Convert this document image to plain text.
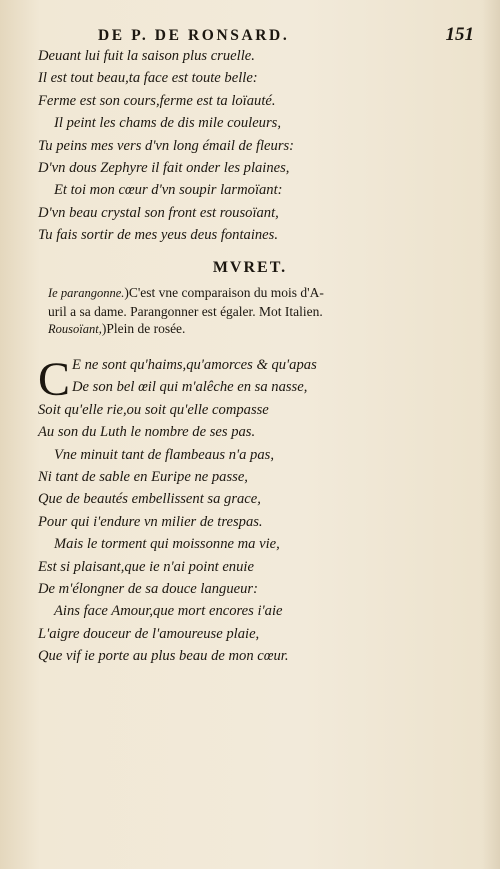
DE P. DE RONSARD.	151
Deuant lui fuit la saison plus cruelle.
Il est tout beau,ta face est toute belle:
Ferme est son cours,ferme est ta loïauté.
Il peint les chams de dis mile couleurs,
Tu peins mes vers d'vn long émail de fleurs:
D'vn dous Zephyre il fait onder les plaines,
Et toi mon cœur d'vn soupir larmoïant:
D'vn beau crystal son front est rousoïant,
Tu fais sortir de mes yeus deus fontaines.
MVRET.
Ie parangonne.)C'est vne comparaison du mois d'A-
uril a sa dame. Parangonner est égaler. Mot Italien.
Rousoïant,)Plein de rosée.
C E ne sont qu'haims,qu'amorces & qu'apas
De son bel œil qui m'alêche en sa nasse,
Soit qu'elle rie,ou soit qu'elle compasse
Au son du Luth le nombre de ses pas.
Vne minuit tant de flambeaus n'a pas,
Ni tant de sable en Euripe ne passe,
Que de beautés embellissent sa grace,
Pour qui i'endure vn milier de trespas.
Mais le torment qui moissonne ma vie,
Est si plaisant,que ie n'ai point enuie
De m'élongner de sa douce langueur:
Ains face Amour,que mort encores i'aie
L'aigre douceur de l'amoureuse plaie,
Que vif ie porte au plus beau de mon cœur.
